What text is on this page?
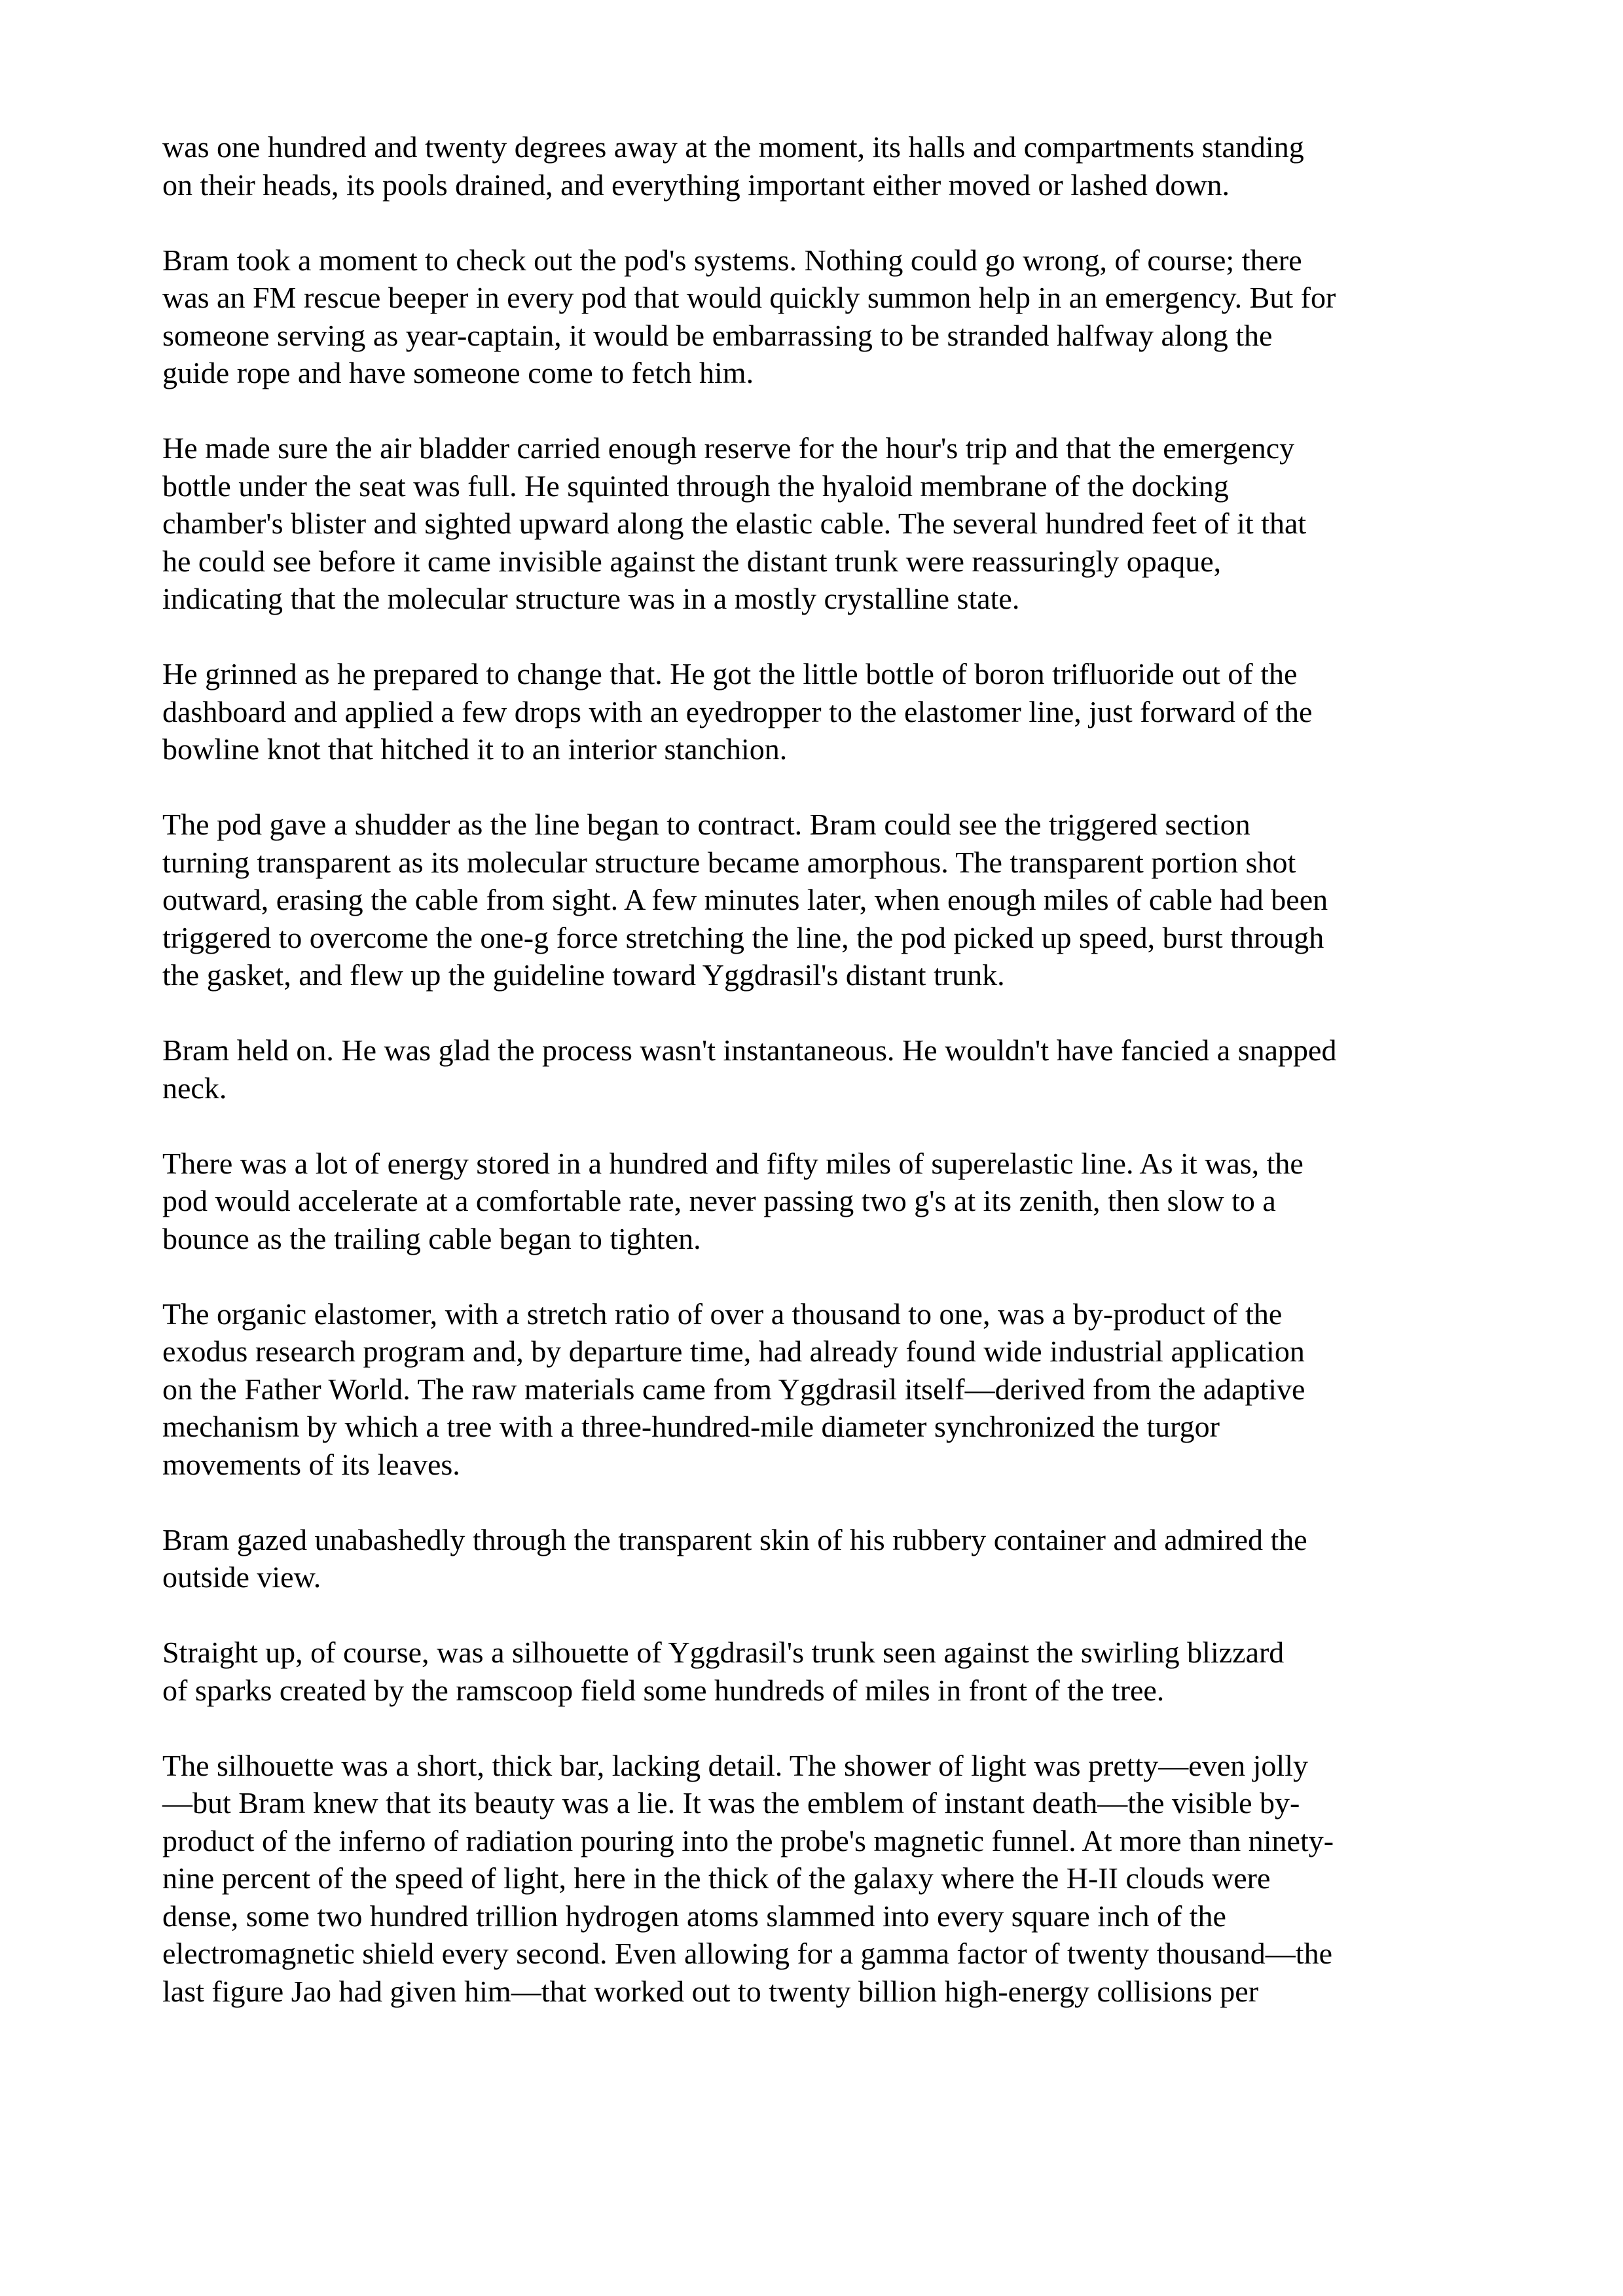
was one hundred and twenty degrees away at the moment, its halls and compartments standing
on their heads, its pools drained, and everything important either moved or lashed down.

Bram took a moment to check out the pod's systems. Nothing could go wrong, of course; there
was an FM rescue beeper in every pod that would quickly summon help in an emergency. But for
someone serving as year-captain, it would be embarrassing to be stranded halfway along the
guide rope and have someone come to fetch him.

He made sure the air bladder carried enough reserve for the hour's trip and that the emergency
bottle under the seat was full. He squinted through the hyaloid membrane of the docking
chamber's blister and sighted upward along the elastic cable. The several hundred feet of it that
he could see before it came invisible against the distant trunk were reassuringly opaque,
indicating that the molecular structure was in a mostly crystalline state.

He grinned as he prepared to change that. He got the little bottle of boron trifluoride out of the
dashboard and applied a few drops with an eyedropper to the elastomer line, just forward of the
bowline knot that hitched it to an interior stanchion.

The pod gave a shudder as the line began to contract. Bram could see the triggered section
turning transparent as its molecular structure became amorphous. The transparent portion shot
outward, erasing the cable from sight. A few minutes later, when enough miles of cable had been
triggered to overcome the one-g force stretching the line, the pod picked up speed, burst through
the gasket, and flew up the guideline toward Yggdrasil's distant trunk.

Bram held on. He was glad the process wasn't instantaneous. He wouldn't have fancied a snapped
neck.

There was a lot of energy stored in a hundred and fifty miles of superelastic line. As it was, the
pod would accelerate at a comfortable rate, never passing two g's at its zenith, then slow to a
bounce as the trailing cable began to tighten.

The organic elastomer, with a stretch ratio of over a thousand to one, was a by-product of the
exodus research program and, by departure time, had already found wide industrial application
on the Father World. The raw materials came from Yggdrasil itself—derived from the adaptive
mechanism by which a tree with a three-hundred-mile diameter synchronized the turgor
movements of its leaves.

Bram gazed unabashedly through the transparent skin of his rubbery container and admired the
outside view.

Straight up, of course, was a silhouette of Yggdrasil's trunk seen against the swirling blizzard
of sparks created by the ramscoop field some hundreds of miles in front of the tree.

The silhouette was a short, thick bar, lacking detail. The shower of light was pretty—even jolly
—but Bram knew that its beauty was a lie. It was the emblem of instant death—the visible by-
product of the inferno of radiation pouring into the probe's magnetic funnel. At more than ninety-
nine percent of the speed of light, here in the thick of the galaxy where the H-II clouds were
dense, some two hundred trillion hydrogen atoms slammed into every square inch of the
electromagnetic shield every second. Even allowing for a gamma factor of twenty thousand—the
last figure Jao had given him—that worked out to twenty billion high-energy collisions per
